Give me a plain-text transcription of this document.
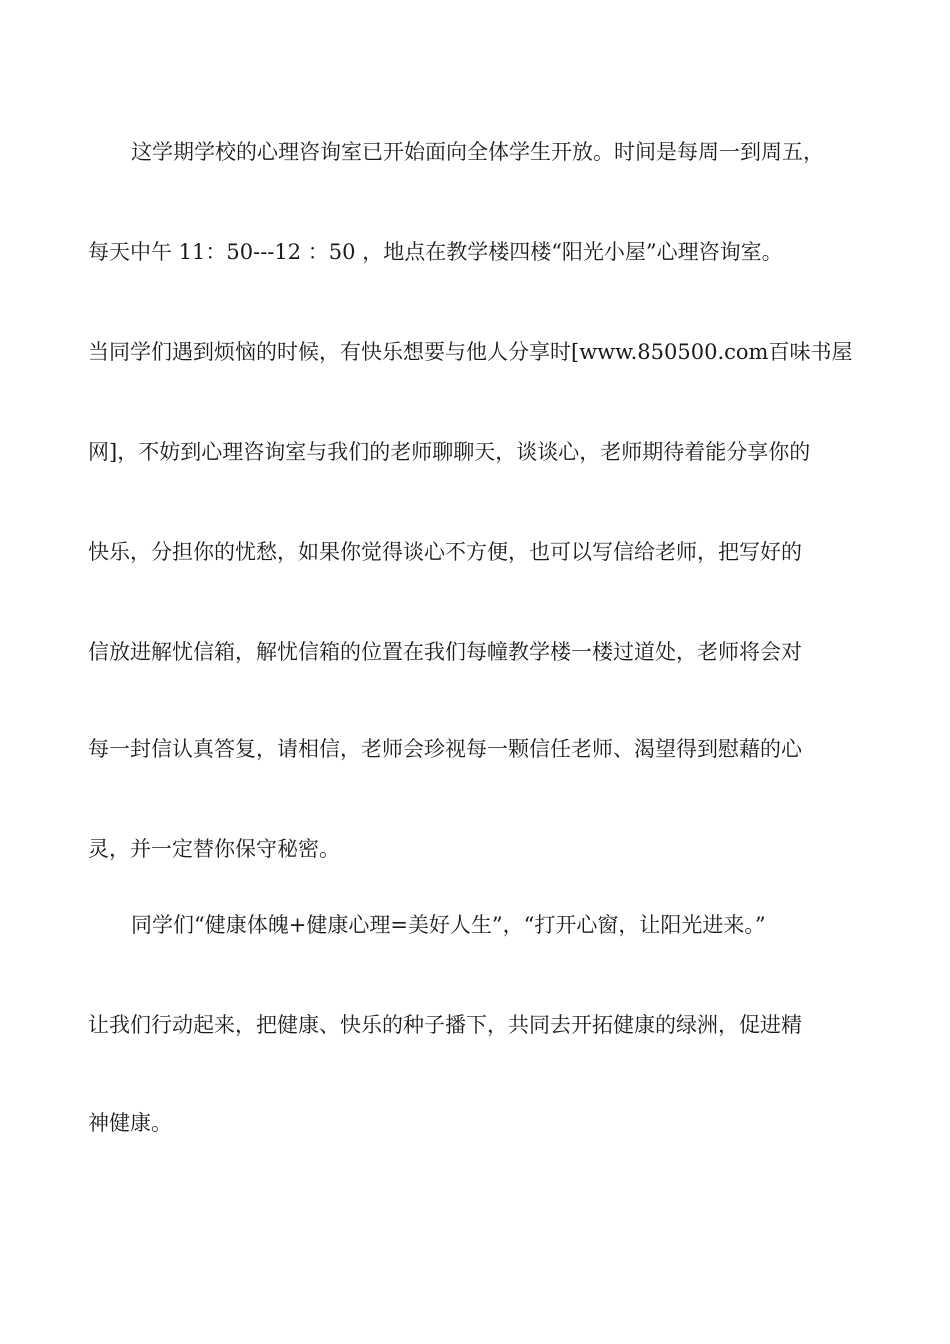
这学期学校的心理咨询室已开始面向全体学生开放。时间是每周一到周五，
每天中午 11：50---12 ：50 ，地点在教学楼四楼“阳光小屋”心理咨询室。
当同学们遇到烦恼的时候，有快乐想要与他人分享时[www.850500.com百味书屋
网]，不妨到心理咨询室与我们的老师聊聊天，谈谈心，老师期待着能分享你的
快乐，分担你的忧愁，如果你觉得谈心不方便，也可以写信给老师，把写好的
信放进解忧信箱，解忧信箱的位置在我们每幢教学楼一楼过道处，老师将会对
每一封信认真答复，请相信，老师会珍视每一颗信任老师、渴望得到慰藉的心
灵，并一定替你保守秘密。
同学们“健康体魄+健康心理=美好人生”，“打开心窗，让阳光进来。”
让我们行动起来，把健康、快乐的种子播下，共同去开拓健康的绿洲，促进精
神健康。
